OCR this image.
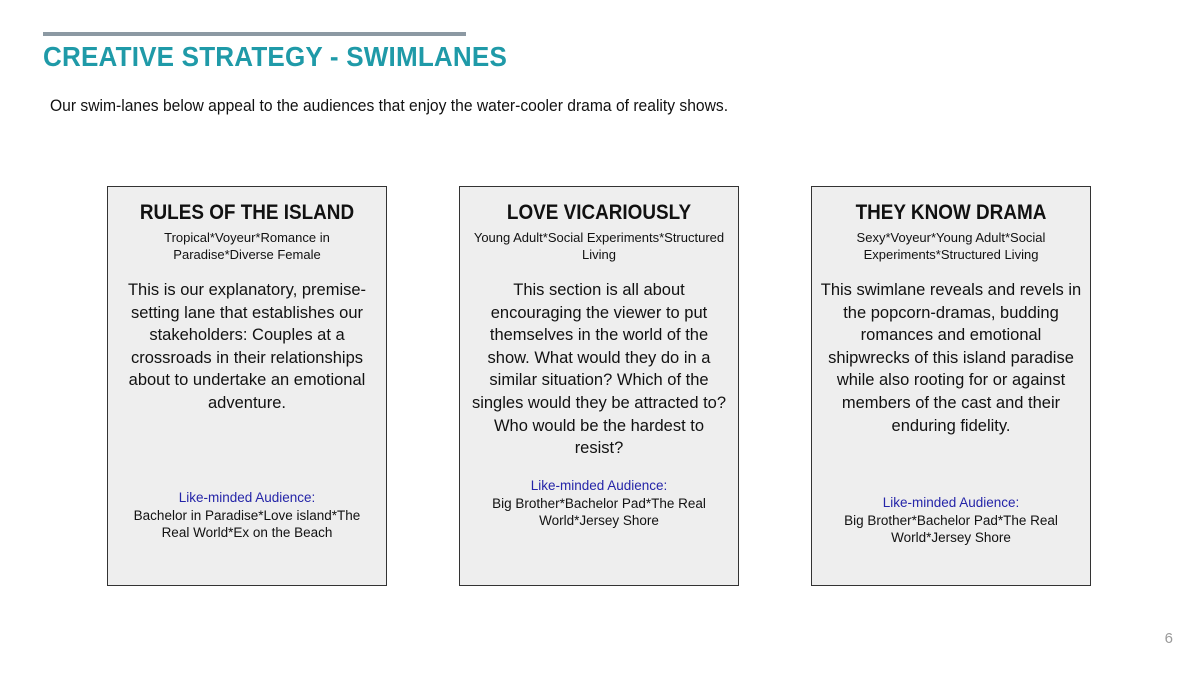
CREATIVE STRATEGY - SWIMLANES

Our swim-lanes below appeal to the audiences that enjoy the water-cooler drama of reality shows.

RULES OF THE ISLAND
Tropical*Voyeur*Romance in Paradise*Diverse Female
This is our explanatory, premise-setting lane that establishes our stakeholders: Couples at a crossroads in their relationships about to undertake an emotional adventure.
Like-minded Audience:
Bachelor in Paradise*Love island*The Real World*Ex on the Beach
LOVE VICARIOUSLY
Young Adult*Social Experiments*Structured Living
This section is all about encouraging the viewer to put themselves in the world of the show. What would they do in a similar situation? Which of the singles would they be attracted to? Who would be the hardest to resist?
Like-minded Audience:
Big Brother*Bachelor Pad*The Real World*Jersey Shore
THEY KNOW DRAMA
Sexy*Voyeur*Young Adult*Social Experiments*Structured Living
This swimlane reveals and revels in the popcorn-dramas, budding romances and emotional shipwrecks of this island paradise while also rooting for or against members of the cast and their enduring fidelity.
Like-minded Audience:
Big Brother*Bachelor Pad*The Real World*Jersey Shore
6
